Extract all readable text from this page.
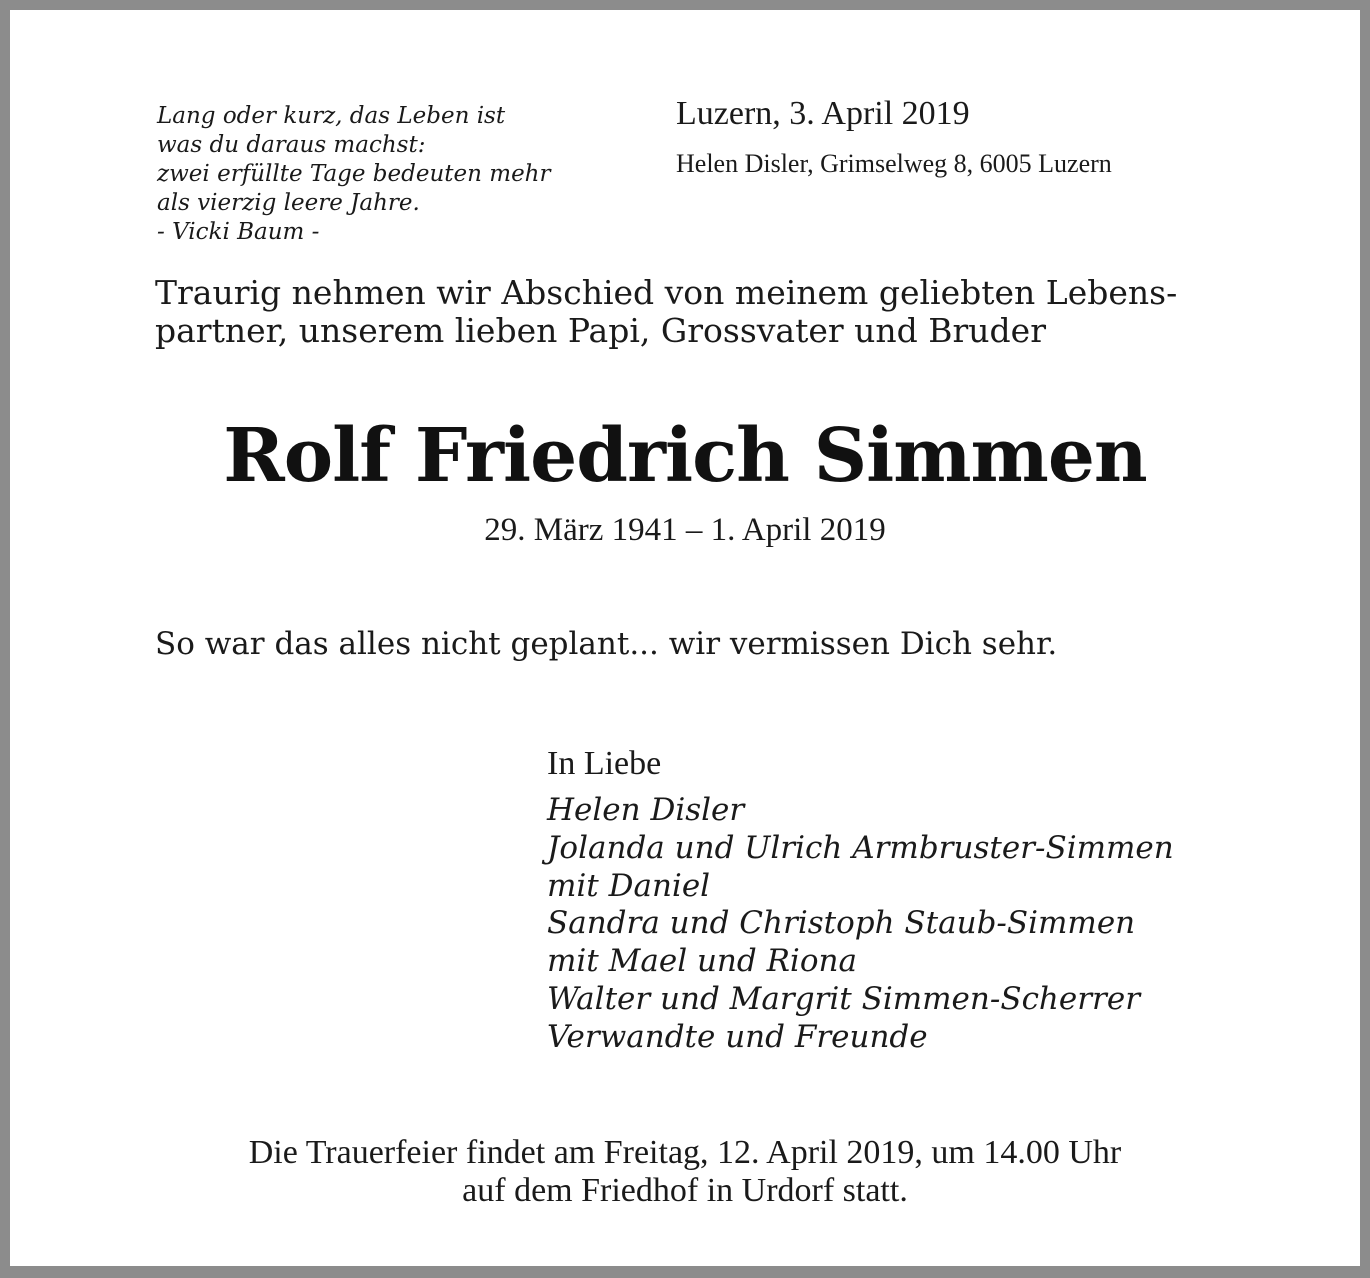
Lang oder kurz, das Leben ist
was du daraus machst:
zwei erfüllte Tage bedeuten mehr
als vierzig leere Jahre.
- Vicki Baum -
Luzern, 3. April 2019
Helen Disler, Grimselweg 8, 6005 Luzern
Traurig nehmen wir Abschied von meinem geliebten Lebens-
partner, unserem lieben Papi, Grossvater und Bruder
Rolf Friedrich Simmen
29. März 1941 – 1. April 2019
So war das alles nicht geplant... wir vermissen Dich sehr.
In Liebe
Helen Disler
Jolanda und Ulrich Armbruster-Simmen
mit Daniel
Sandra und Christoph Staub-Simmen
mit Mael und Riona
Walter und Margrit Simmen-Scherrer
Verwandte und Freunde
Die Trauerfeier findet am Freitag, 12. April 2019, um 14.00 Uhr
auf dem Friedhof in Urdorf statt.
